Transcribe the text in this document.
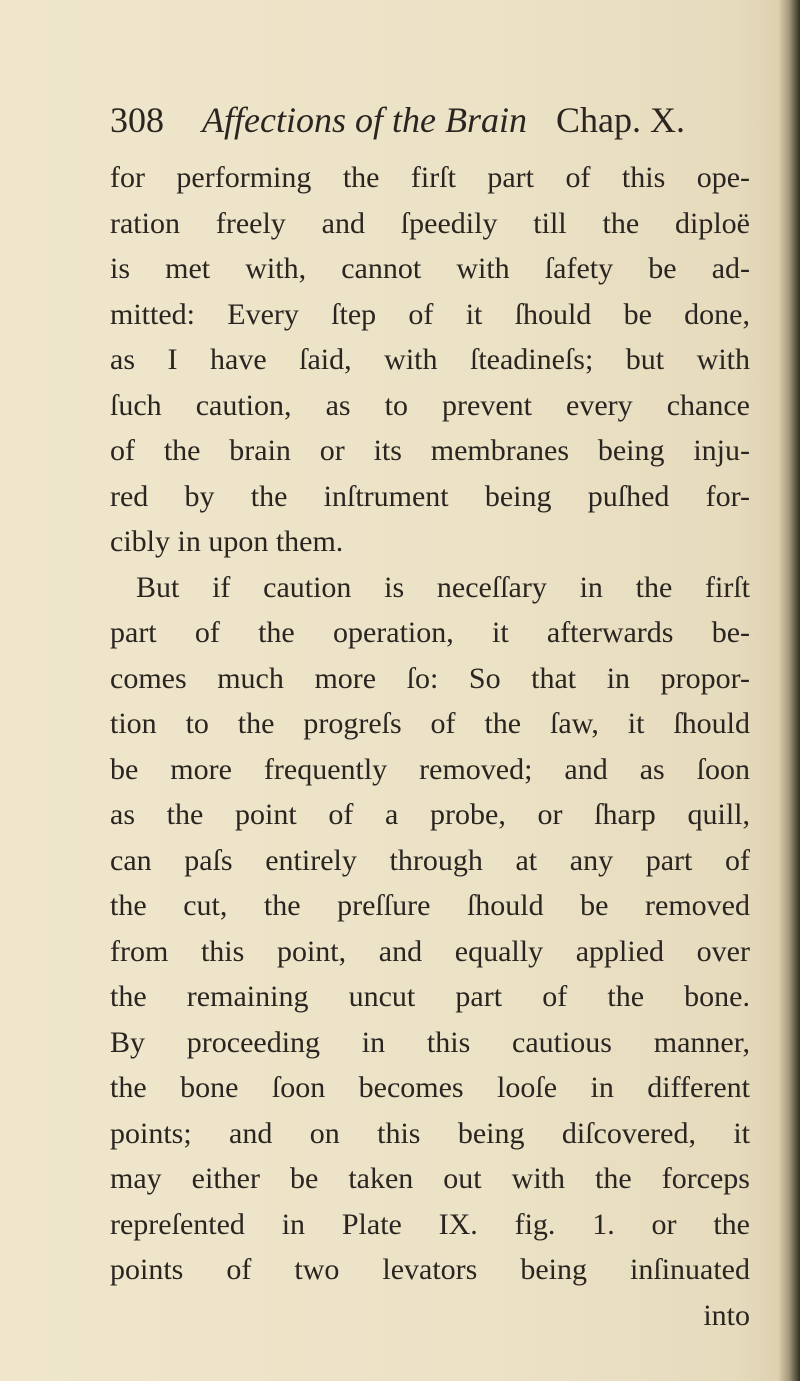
308 Affections of the Brain Chap. X.
for performing the firſt part of this ope-
ration freely and ſpeedily till the diploë
is met with, cannot with ſafety be ad-
mitted: Every ſtep of it ſhould be done,
as I have ſaid, with ſteadineſs; but with
ſuch caution, as to prevent every chance
of the brain or its membranes being inju-
red by the inſtrument being puſhed for-
cibly in upon them.
But if caution is neceſſary in the firſt
part of the operation, it afterwards be-
comes much more ſo: So that in propor-
tion to the progreſs of the ſaw, it ſhould
be more frequently removed; and as ſoon
as the point of a probe, or ſharp quill,
can paſs entirely through at any part of
the cut, the preſſure ſhould be removed
from this point, and equally applied over
the remaining uncut part of the bone.
By proceeding in this cautious manner,
the bone ſoon becomes looſe in different
points; and on this being diſcovered, it
may either be taken out with the forceps
repreſented in Plate IX. fig. 1. or the
points of two levators being inſinuated
into
